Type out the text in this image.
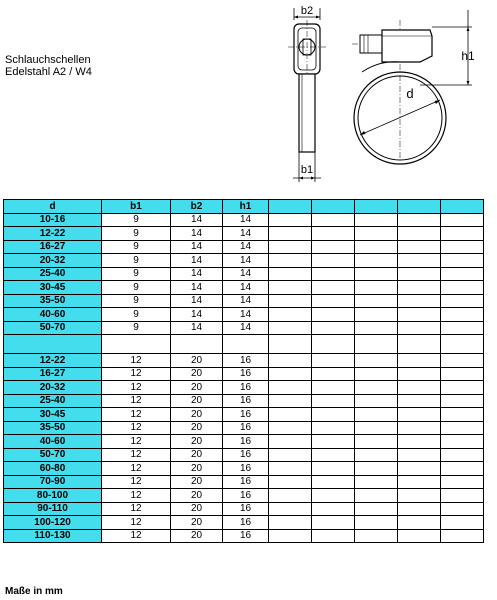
Schlauchschellen
Edelstahl A2 / W4
b2
b1
h1
d
d	b1	b2	h1					
10-16	9	14	14					
12-22	9	14	14					
16-27	9	14	14					
20-32	9	14	14					
25-40	9	14	14					
30-45	9	14	14					
35-50	9	14	14					
40-60	9	14	14					
50-70	9	14	14					

12-22	12	20	16					
16-27	12	20	16					
20-32	12	20	16					
25-40	12	20	16					
30-45	12	20	16					
35-50	12	20	16					
40-60	12	20	16					
50-70	12	20	16					
60-80	12	20	16					
70-90	12	20	16					
80-100	12	20	16					
90-110	12	20	16					
100-120	12	20	16					
110-130	12	20	16					
Maße in mm
